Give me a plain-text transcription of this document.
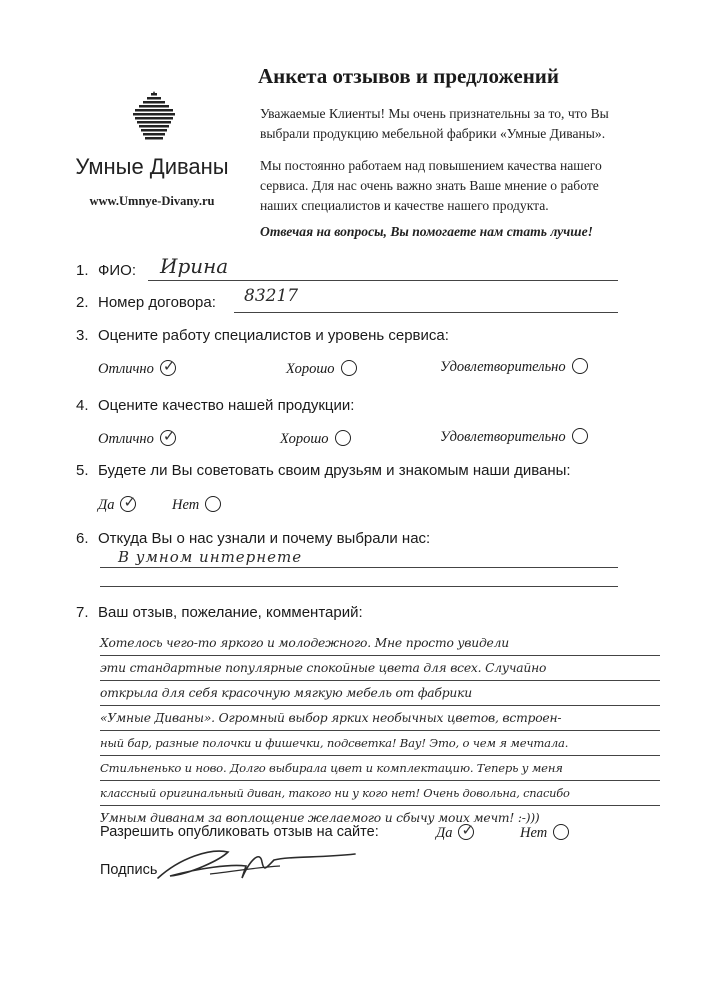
Умные Диваны
www.Umnye-Divany.ru
Анкета отзывов и предложений
Уважаемые Клиенты! Мы очень признательны за то, что Вы
выбрали продукцию мебельной фабрики «Умные Диваны».
Мы постоянно работаем над повышением качества нашего
сервиса. Для нас очень важно знать Ваше мнение о работе
наших специалистов и качестве нашего продукта.
Отвечая на вопросы, Вы помогаете нам стать лучше!
1. ФИО: Ирина
2. Номер договора: 83217
3. Оцените работу специалистов и уровень сервиса:
Отлично ✓	Хорошо	Удовлетворительно
4. Оцените качество нашей продукции:
Отлично ✓	Хорошо	Удовлетворительно
5. Будете ли Вы советовать своим друзьям и знакомым наши диваны:
Да ✓ Нет
6. Откуда Вы о нас узнали и почему выбрали нас:
В умном интернете
7. Ваш отзыв, пожелание, комментарий:
Хотелось чего-то яркого и молодежного. Мне просто увидели
эти стандартные популярные спокойные цвета для всех. Случайно
открыла для себя красочную мягкую мебель от фабрики
«Умные Диваны». Огромный выбор ярких необычных цветов, встроен-
ный бар, разные полочки и фишечки, подсветка! Вау! Это, о чем я мечтала.
Стильненько и ново. Долго выбирала цвет и комплектацию. Теперь у меня
классный оригинальный диван, такого ни у кого нет! Очень довольна, спасибо
Умным диванам за воплощение желаемого и сбычу моих мечт! :-)))
Разрешить опубликовать отзыв на сайте:	Да ✓	Нет
Подпись
